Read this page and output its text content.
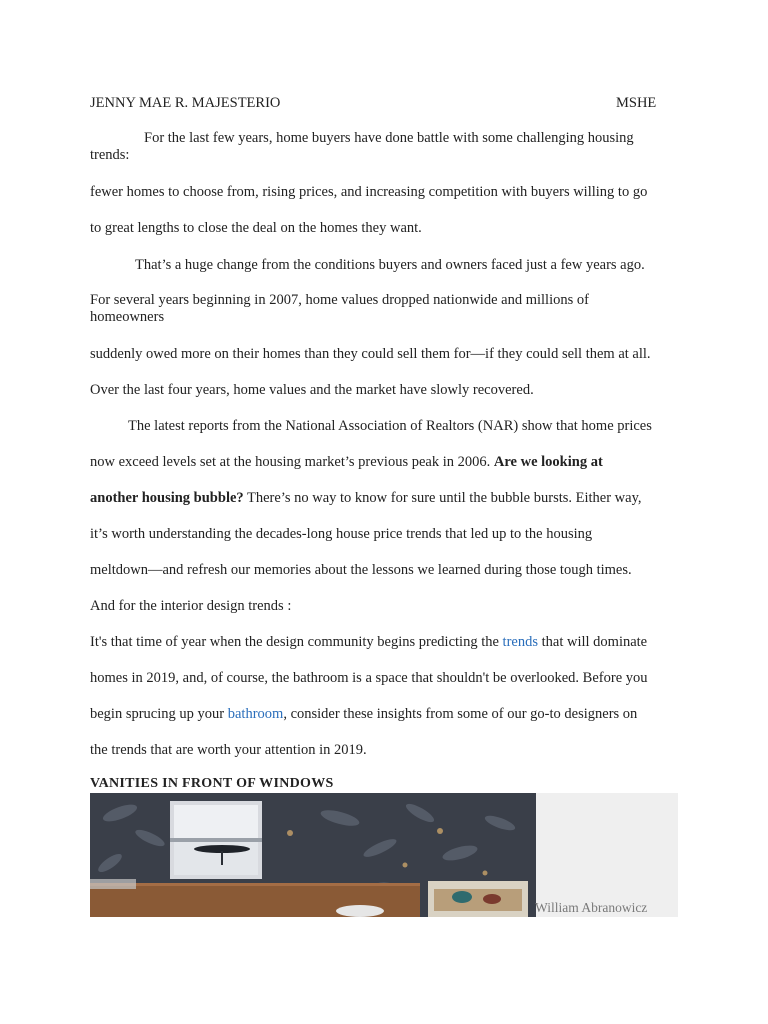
JENNY MAE R. MAJESTERIO	MSHE
For the last few years, home buyers have done battle with some challenging housing trends:
fewer homes to choose from, rising prices, and increasing competition with buyers willing to go
to great lengths to close the deal on the homes they want.
That’s a huge change from the conditions buyers and owners faced just a few years ago.
For several years beginning in 2007, home values dropped nationwide and millions of homeowners
suddenly owed more on their homes than they could sell them for—if they could sell them at all.
Over the last four years, home values and the market have slowly recovered.
The latest reports from the National Association of Realtors (NAR) show that home prices
now exceed levels set at the housing market’s previous peak in 2006. Are we looking at
another housing bubble? There’s no way to know for sure until the bubble bursts. Either way,
it’s worth understanding the decades-long house price trends that led up to the housing
meltdown—and refresh our memories about the lessons we learned during those tough times.
And for the interior design trends :
It's that time of year when the design community begins predicting the trends that will dominate
homes in 2019, and, of course, the bathroom is a space that shouldn't be overlooked. Before you
begin sprucing up your bathroom, consider these insights from some of our go-to designers on
the trends that are worth your attention in 2019.
VANITIES IN FRONT OF WINDOWS
William Abranowicz
